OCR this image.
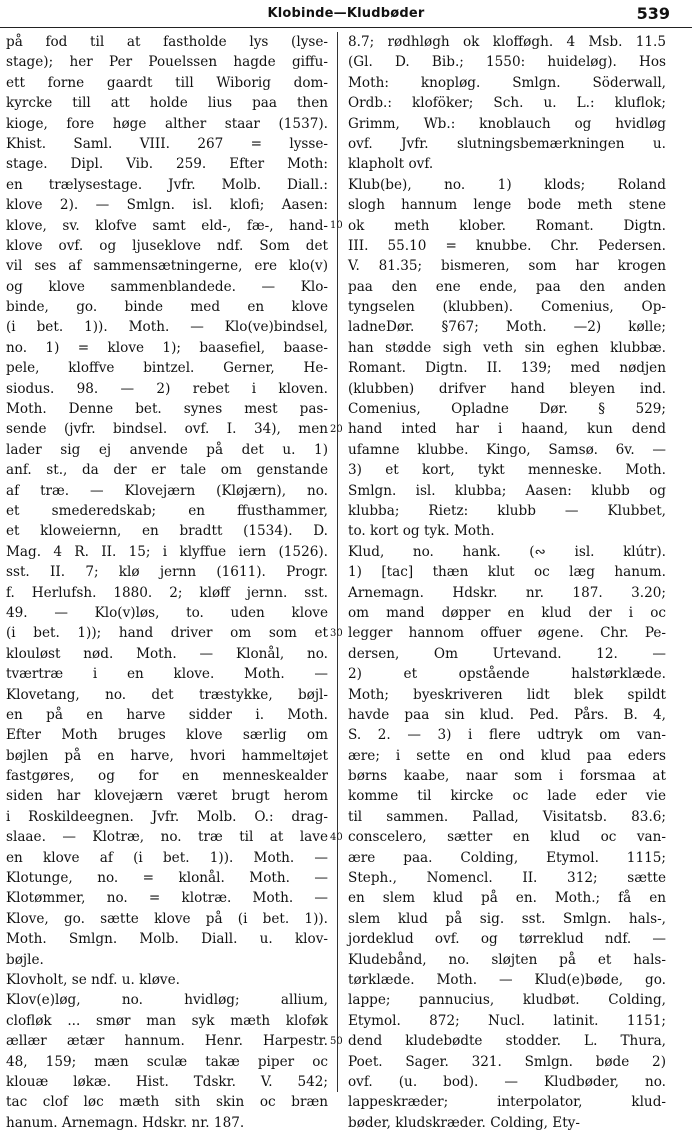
Klobinde—Kludbøder	539
på fod til at fastholde lys (lyse-
stage); her Per Pouelssen hagde giffu-
ett forne gaardt till Wiborig dom-
kyrcke till att holde lius paa then
kioge, fore høge alther staar (1537).
Khist. Saml. VIII. 267 = lysse-
stage. Dipl. Vib. 259. Efter Moth:
en trælysestage. Jvfr. Molb. Diall.:
klove 2). — Smlgn. isl. klofi; Aasen:
klove, sv. klofve samt eld-, fæ-, hand-
klove ovf. og ljuseklove ndf. Som det
vil ses af sammensætningerne, ere klo(v)
og klove sammenblandede. — Klo-
binde, go. binde med en klove
(i bet. 1)). Moth. — Klo(ve)bindsel,
no. 1) = klove 1); baasefiel, baase-
pele, kloffve bintzel. Gerner, He-
siodus. 98. — 2) rebet i kloven.
Moth. Denne bet. synes mest pas-
sende (jvfr. bindsel. ovf. I. 34), men
lader sig ej anvende på det u. 1)
anf. st., da der er tale om genstande
af træ. — Klovejærn (Kløjærn), no.
et smederedskab; en ffusthammer,
et kloweiernn, en bradtt (1534). D.
Mag. 4 R. II. 15; i klyffue iern (1526).
sst. II. 7; klø jernn (1611). Progr.
f. Herlufsh. 1880. 2; kløff jernn. sst.
49. — Klo(v)løs, to. uden klove
(i bet. 1)); hand driver om som et
klouløst nød. Moth. — Klonål, no.
tværtræ i en klove. Moth. —
Klovetang, no. det træstykke, bøjl-
en på en harve sidder i. Moth.
Efter Moth bruges klove særlig om
bøjlen på en harve, hvori hammeltøjet
fastgøres, og for en menneskealder
siden har klovejærn været brugt herom
i Roskildeegnen. Jvfr. Molb. O.: drag-
slaae. — Klotræ, no. træ til at lave
en klove af (i bet. 1)). Moth. —
Klotunge, no. = klonål. Moth. —
Klotømmer, no. = klotræ. Moth. —
Klove, go. sætte klove på (i bet. 1)).
Moth. Smlgn. Molb. Diall. u. klov-
bøjle.
Klovholt, se ndf. u. kløve.
Klov(e)løg, no. hvidløg; allium,
clofløk ... smør man syk mæth kloføk
ællær ætær hannum. Henr. Harpestr.
48, 159; mæn sculæ takæ piper oc
klouæ løkæ. Hist. Tdskr. V. 542;
tac clof løc mæth sith skin oc bræn
hanum. Arnemagn. Hdskr. nr. 187.
8.7; rødhløgh ok klofføgh. 4 Msb. 11.5
(Gl. D. Bib.; 1550: huideløg). Hos
Moth: knopløg. Smlgn. Söderwall,
Ordb.: kloföker; Sch. u. L.: kluflok;
Grimm, Wb.: knoblauch og hvidløg
ovf. Jvfr. slutningsbemærkningen u.
klapholt ovf.
Klub(be), no. 1) klods; Roland
slogh hannum lenge bode meth stene
ok meth klober. Romant. Digtn.
III. 55.10 = knubbe. Chr. Pedersen.
V. 81.35; bismeren, som har krogen
paa den ene ende, paa den anden
tyngselen (klubben). Comenius, Op-
ladneDør. §767; Moth. —2) kølle;
han stødde sigh veth sin eghen klubbæ.
Romant. Digtn. II. 139; med nødjen
(klubben) drifver hand bleyen ind.
Comenius, Opladne Dør. § 529;
hand inted har i haand, kun dend
ufamne klubbe. Kingo, Samsø. 6v. —
3) et kort, tykt menneske. Moth.
Smlgn. isl. klubba; Aasen: klubb og
klubba; Rietz: klubb — Klubbet,
to. kort og tyk. Moth.
Klud, no. hank. (∾ isl. klútr).
1) [tac] thæn klut oc læg hanum.
Arnemagn. Hdskr. nr. 187. 3.20;
om mand døpper en klud der i oc
legger hannom offuer øgene. Chr. Pe-
dersen, Om Urtevand. 12. —
2) et opstående halstørklæde.
Moth; byeskriveren lidt blek spildt
havde paa sin klud. Ped. Pårs. B. 4,
S. 2. — 3) i flere udtryk om van-
ære; i sette en ond klud paa eders
børns kaabe, naar som i forsmaa at
komme til kircke oc lade eder vie
til sammen. Pallad, Visitatsb. 83.6;
conscelero, sætter en klud oc van-
ære paa. Colding, Etymol. 1115;
Steph., Nomencl. II. 312; sætte
en slem klud på en. Moth.; få en
slem klud på sig. sst. Smlgn. hals-,
jordeklud ovf. og tørreklud ndf. —
Kludebånd, no. sløjten på et hals-
tørklæde. Moth. — Klud(e)bøde, go.
lappe; pannucius, kludbøt. Colding,
Etymol. 872; Nucl. latinit. 1151;
dend kludebødte stodder. L. Thura,
Poet. Sager. 321. Smlgn. bøde 2)
ovf. (u. bod). — Kludbøder, no.
lappeskræder; interpolator, klud-
bøder, kludskræder. Colding, Ety-
10
20
30
40
50
